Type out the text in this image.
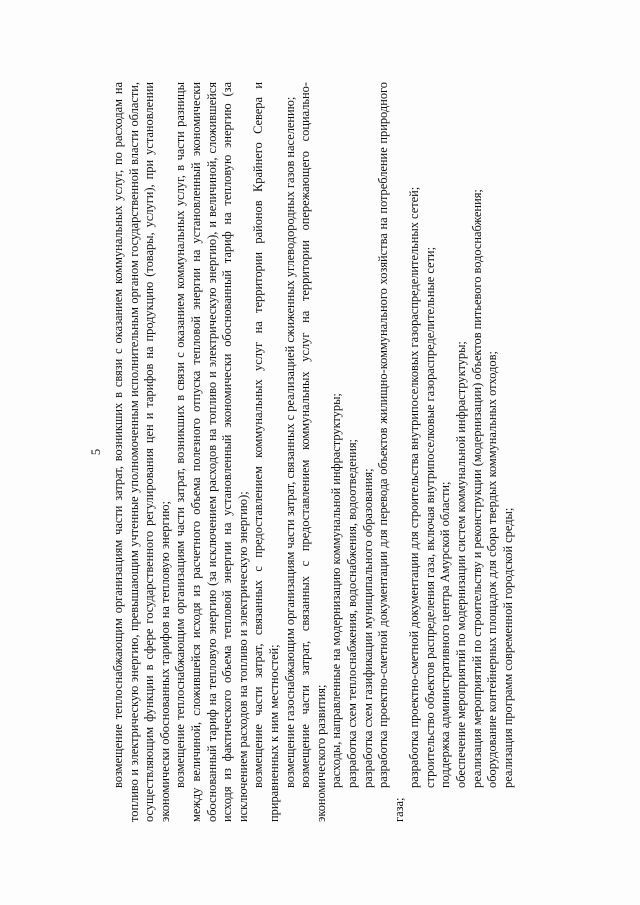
5 возмещение теплоснабжающим организациям части затрат, возникших в связи с оказанием коммунальных услуг, по расходам на топливо и электрическую энергию, превышающим учтенные уполномоченным исполнительным органом государственной власти области, осуществляющим функции в сфере государственного регулирования цен и тарифов на продукцию (товары, услуги), при установлении экономически обоснованных тарифов на тепловую энергию; возмещение теплоснабжающим организациям части затрат, возникших в связи с оказанием коммунальных услуг, в части разницы между величиной, сложившейся исходя из расчетного объема полезного отпуска тепловой энергии на установленный экономически обоснованный тариф на тепловую энергию (за исключением расходов на топливо и электрическую энергию), и величиной, сложившейся исходя из фактического объема тепловой энергии на установленный экономически обоснованный тариф на тепловую энергию (за исключением расходов на топливо и электрическую энергию); возмещение части затрат, связанных с предоставлением коммунальных услуг на территории районов Крайнего Севера и приравненных к ним местностей; возмещение газоснабжающим организациям части затрат, связанных с реализацией сжиженных углеводородных газов населению; возмещение части затрат, связанных с предоставлением коммунальных услуг на территории опережающего социально-экономического развития; расходы, направленные на модернизацию коммунальной инфраструктуры; разработка схем теплоснабжения, водоснабжения, водоотведения; разработка схем газификации муниципального образования; разработка проектно-сметной документации для перевода объектов жилищно-коммунального хозяйства на потребление природного газа;

разработка проектно-сметной документации для строительства внутрипоселковых газораспределительных сетей; строительство объектов распределения газа, включая внутрипоселковые газораспределительные сети; поддержка административного центра Амурской области; обеспечение мероприятий по модернизации систем коммунальной инфраструктуры; реализация мероприятий по строительству и реконструкции (модернизации) объектов питьевого водоснабжения; оборудование контейнерных площадок для сбора твердых коммунальных отходов; реализация программ современной городской среды;
